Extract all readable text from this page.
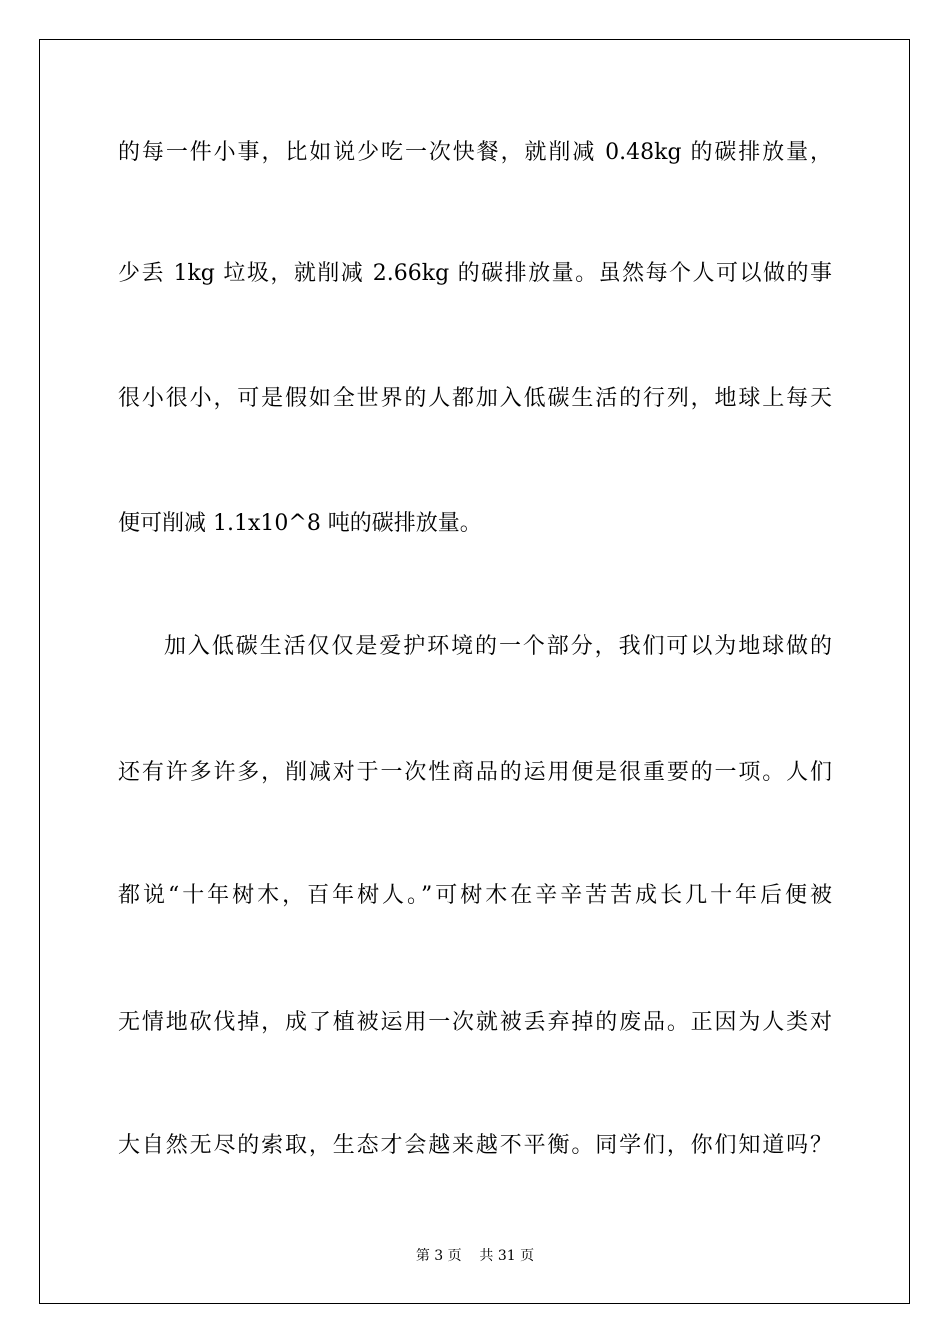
的每一件小事，比如说少吃一次快餐，就削减 0.48kg 的碳排放量，
少丢 1kg 垃圾，就削减 2.66kg 的碳排放量。虽然每个人可以做的事
很小很小，可是假如全世界的人都加入低碳生活的行列，地球上每天
便可削减 1.1x10^8 吨的碳排放量。
加入低碳生活仅仅是爱护环境的一个部分，我们可以为地球做的
还有许多许多，削减对于一次性商品的运用便是很重要的一项。人们
都说“十年树木，百年树人。”可树木在辛辛苦苦成长几十年后便被
无情地砍伐掉，成了植被运用一次就被丢弃掉的废品。正因为人类对
大自然无尽的索取，生态才会越来越不平衡。同学们，你们知道吗？
第 3 页    共 31 页
